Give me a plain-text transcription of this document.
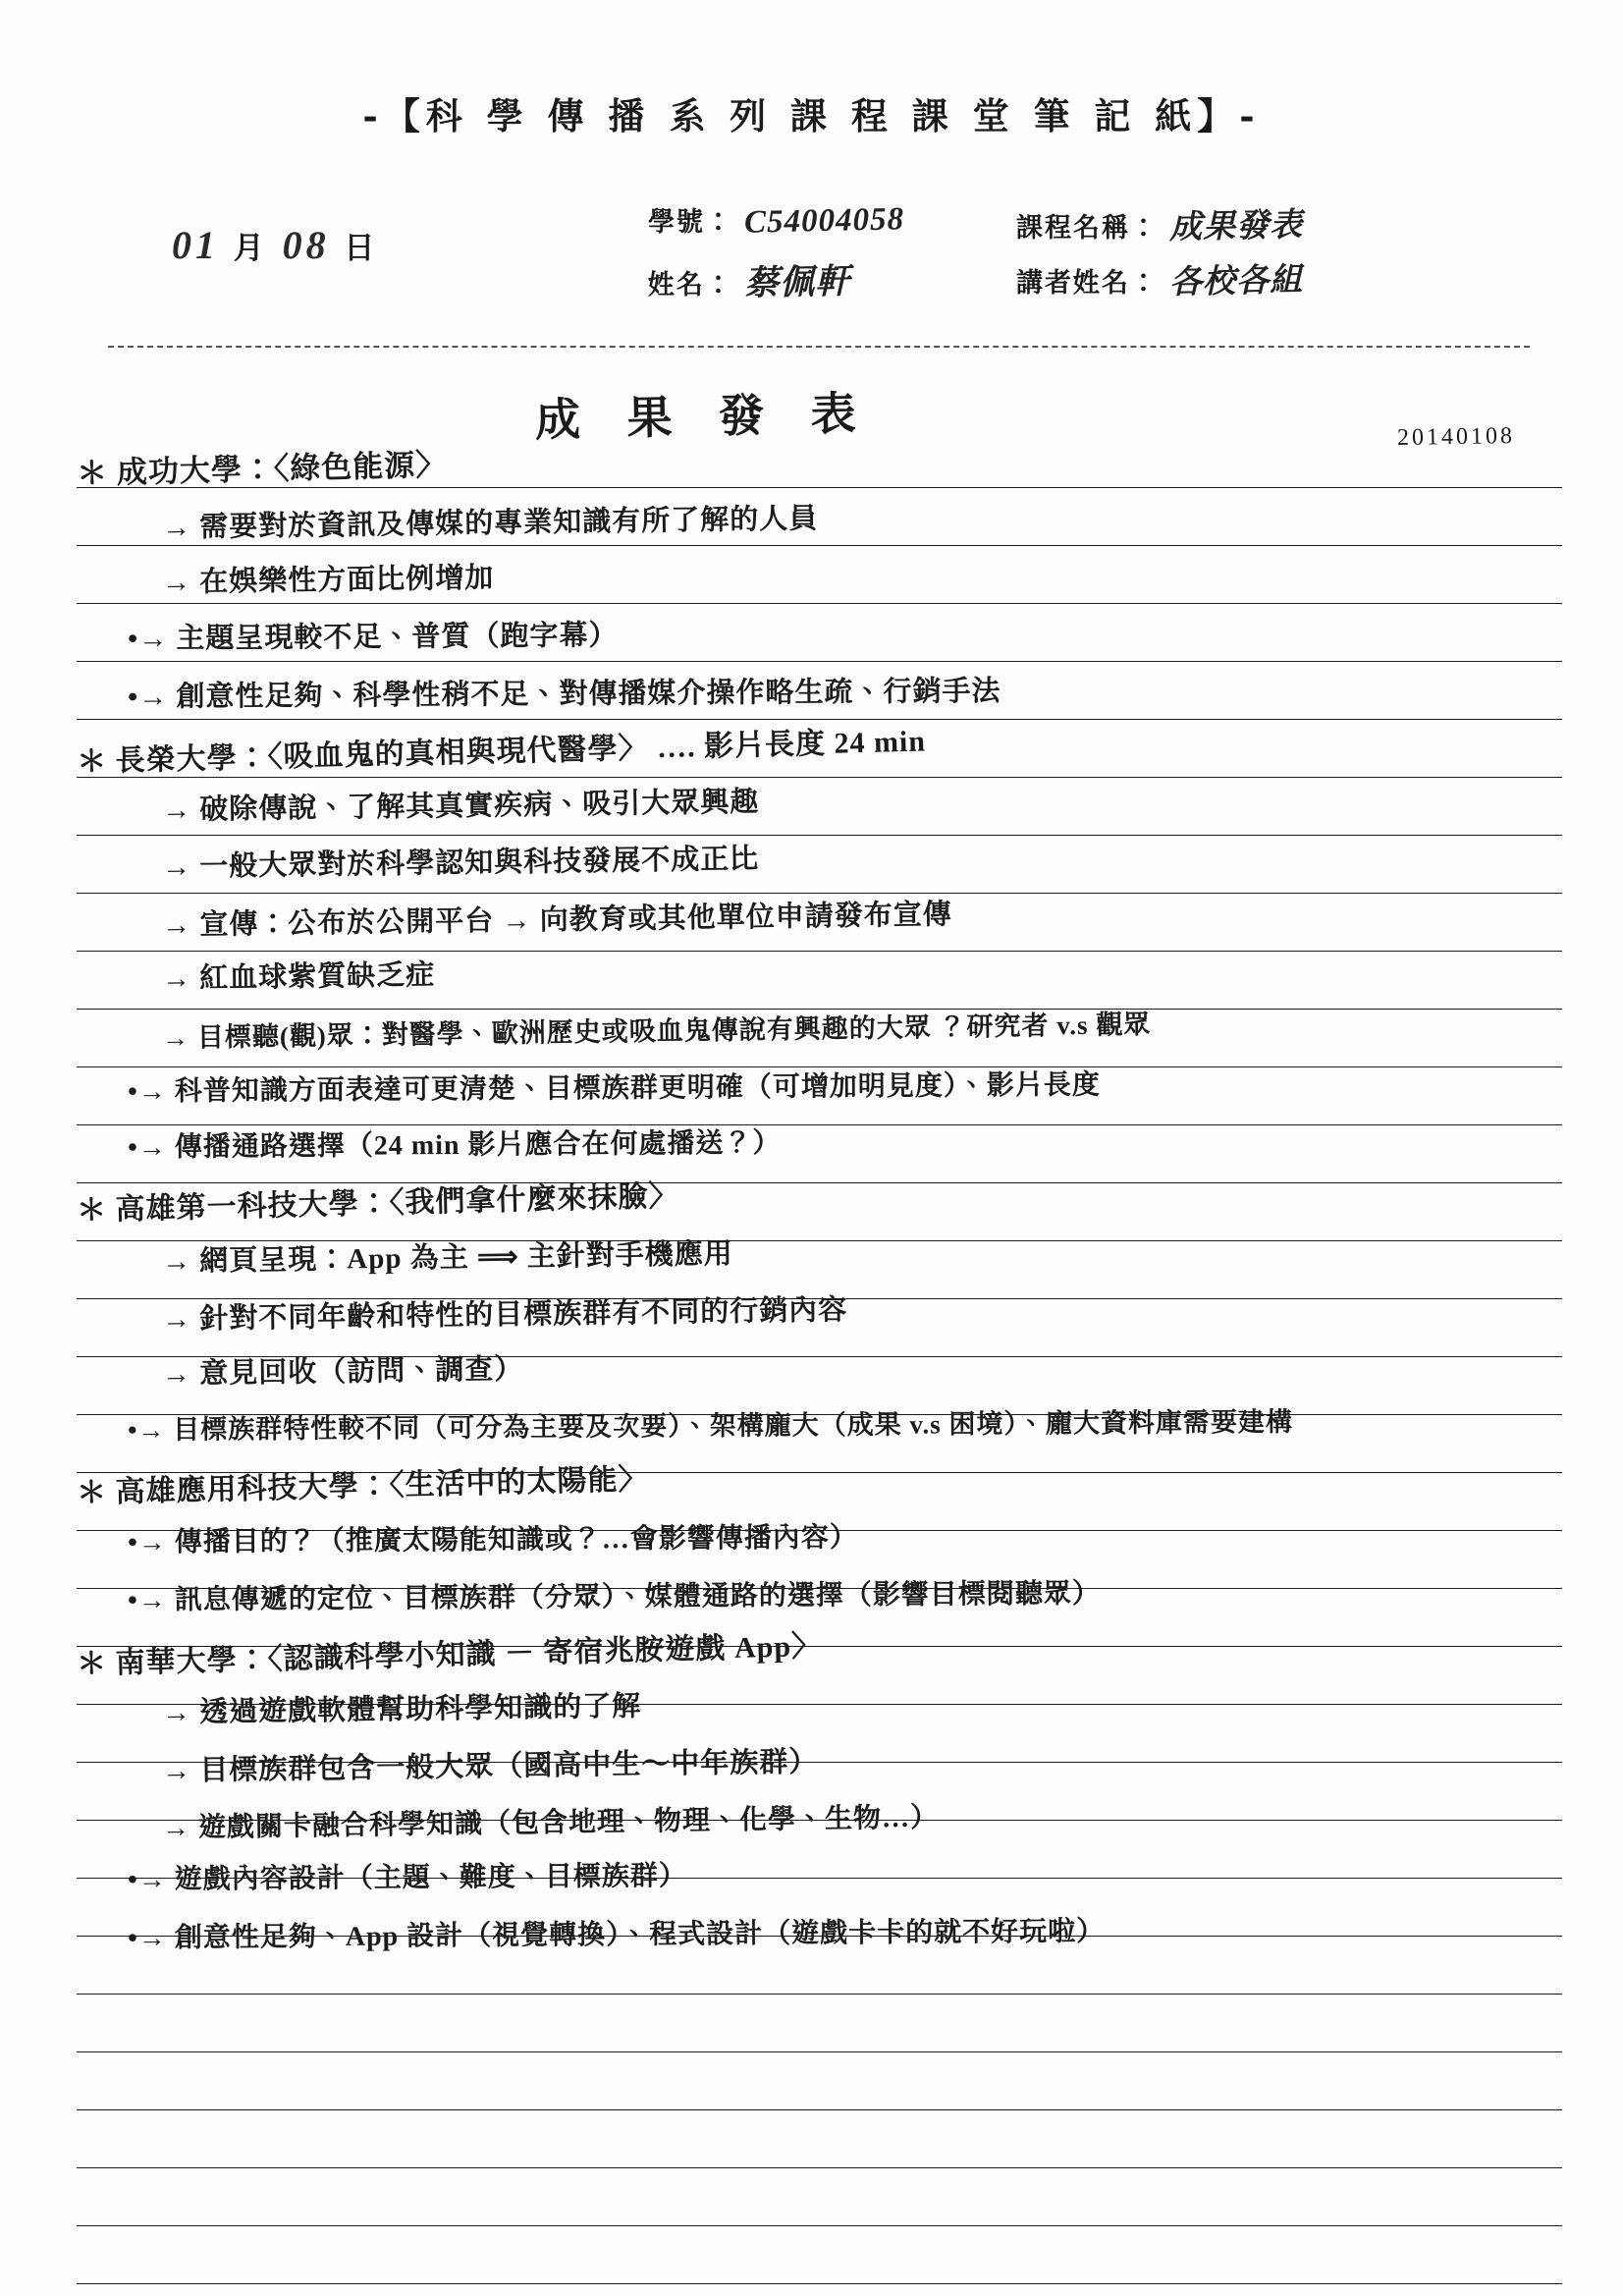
-【科 學 傳 播 系 列 課 程 課 堂 筆 記 紙】-
01 月 08 日
學號： C54004058
姓名： 蔡佩軒
課程名稱： 成果發表
講者姓名： 各校各組
成 果 發 表	20140108
＊ 成功大學：〈綠色能源〉
→ 需要對於資訊及傳媒的專業知識有所了解的人員
→ 在娛樂性方面比例增加
•→ 主題呈現較不足、普質（跑字幕）
•→ 創意性足夠、科學性稍不足、對傳播媒介操作略生疏、行銷手法
＊ 長榮大學：〈吸血鬼的真相與現代醫學〉 …. 影片長度 24 min
→ 破除傳說、了解其真實疾病、吸引大眾興趣
→ 一般大眾對於科學認知與科技發展不成正比
→ 宣傳：公布於公開平台 → 向教育或其他單位申請發布宣傳
→ 紅血球紫質缺乏症
→ 目標聽(觀)眾：對醫學、歐洲歷史或吸血鬼傳說有興趣的大眾 ？研究者 v.s 觀眾
•→ 科普知識方面表達可更清楚、目標族群更明確（可增加明見度）、影片長度
•→ 傳播通路選擇（24 min 影片應合在何處播送？）
＊ 高雄第一科技大學：〈我們拿什麼來抹臉〉
→ 網頁呈現：App 為主 ⟹ 主針對手機應用
→ 針對不同年齡和特性的目標族群有不同的行銷內容
→ 意見回收（訪問、調查）
•→ 目標族群特性較不同（可分為主要及次要）、架構龐大（成果 v.s 困境）、龐大資料庫需要建構
＊ 高雄應用科技大學：〈生活中的太陽能〉
•→ 傳播目的？（推廣太陽能知識或？…會影響傳播內容）
•→ 訊息傳遞的定位、目標族群（分眾）、媒體通路的選擇（影響目標閱聽眾）
＊ 南華大學：〈認識科學小知識 － 寄宿兆胺遊戲 App〉
→ 透過遊戲軟體幫助科學知識的了解
→ 目標族群包含一般大眾（國高中生～中年族群）
→ 遊戲關卡融合科學知識（包含地理、物理、化學、生物…）
•→ 遊戲內容設計（主題、難度、目標族群）
•→ 創意性足夠、App 設計（視覺轉換）、程式設計（遊戲卡卡的就不好玩啦）
